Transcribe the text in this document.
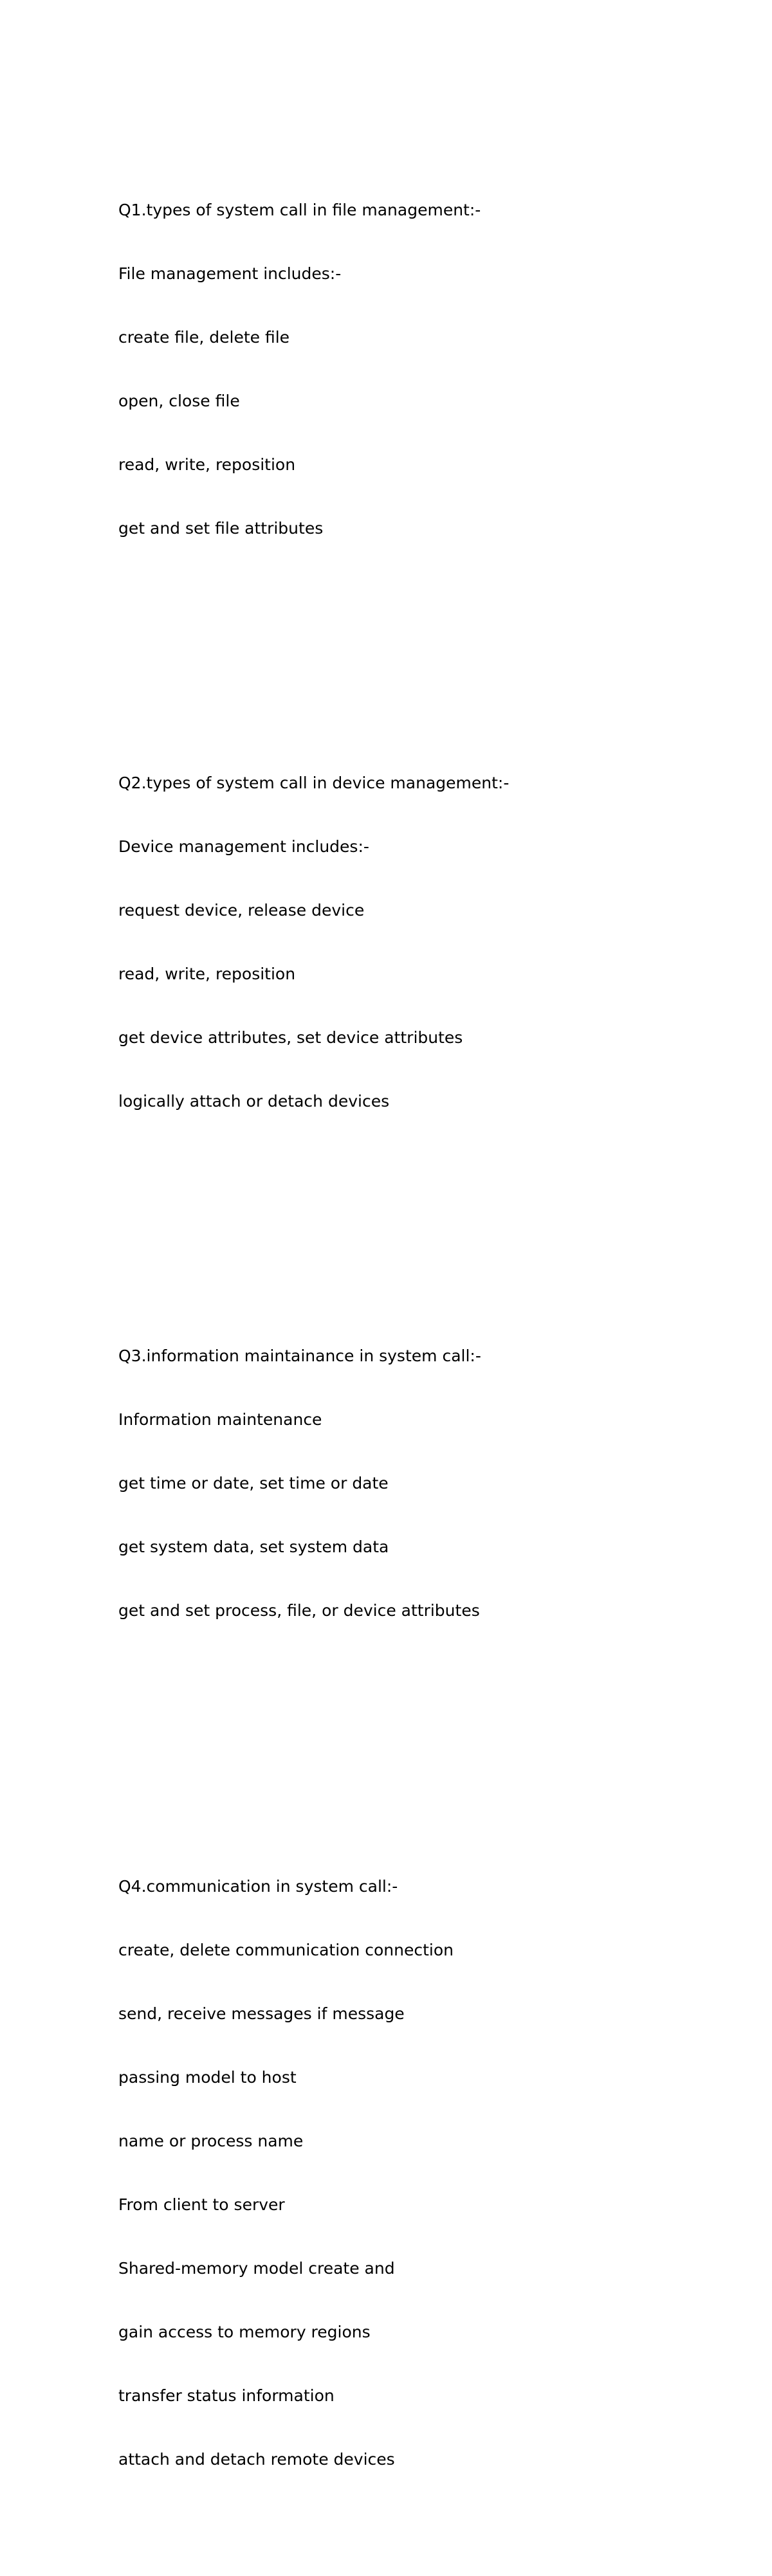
Q1.types of system call in file management:-

File management includes:-

create file, delete file

open, close file

read, write, reposition

get and set file attributes

Q2.types of system call in device management:-

Device management includes:-

request device, release device

read, write, reposition

get device attributes, set device attributes

logically attach or detach devices

Q3.information maintainance in system call:-

Information maintenance

get time or date, set time or date

get system data, set system data

get and set process, file, or device attributes

Q4.communication in system call:-

create, delete communication connection

send, receive messages if message

passing model to host

name or process name

From client to server

Shared-memory model create and

gain access to memory regions

transfer status information

attach and detach remote devices
